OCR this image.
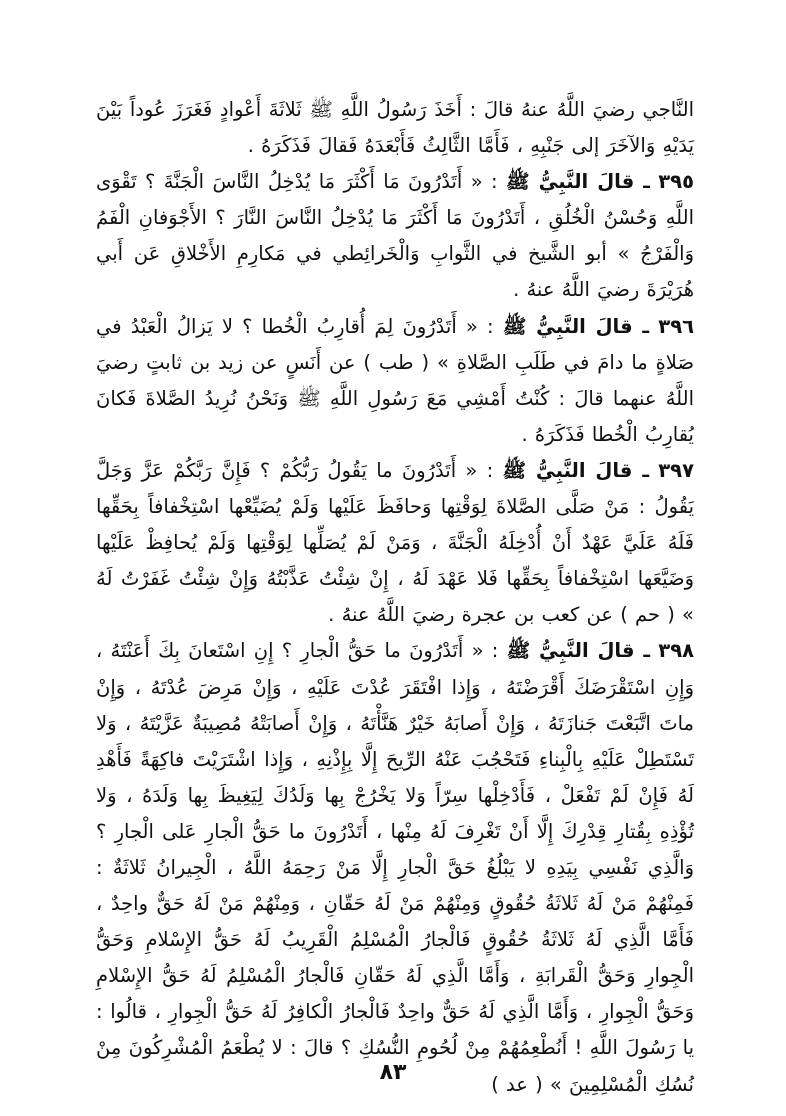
النَّاجي رضيَ اللَّهُ عنهُ قالَ : أَخَذَ رَسُولُ اللَّهِ ﷺ ثَلاثَةَ أَعْوادٍ فَغَرَزَ عُوداً بَيْنَ يَدَيْهِ وَالآخَرَ إلى جَنْبِهِ ، فَأَمَّا الثَّالِثُ فَأَبْعَدَهُ فَقالَ فَذَكَرَهُ .

٣٩٥ ـ قالَ النَّبِيُّ ﷺ : « أَتَدْرُونَ مَا أَكْثَرَ مَا يُدْخِلُ النَّاسَ الْجَنَّةَ ؟ تَقْوَى اللَّهِ وَحُسْنُ الْخُلُقِ ، أَتَدْرُونَ مَا أَكْثَرَ مَا يُدْخِلُ النَّاسَ النَّارَ ؟ الأَجْوَفانِ الْفَمُ وَالْفَرْجُ » أبو الشَّيخ في الثَّوابِ وَالْخَرائِطي في مَكارِمِ الأَخْلاقِ عَن أَبي هُرَيْرَةَ رضيَ اللَّهُ عنهُ .

٣٩٦ ـ قالَ النَّبِيُّ ﷺ : « أَتَدْرُونَ لِمَ أُقارِبُ الْخُطا ؟ لا يَزالُ الْعَبْدُ في صَلاةٍ ما دامَ في طَلَبِ الصَّلاةِ » ( طب ) عن أَنَسٍ عن زيد بن ثابتٍ رضيَ اللَّهُ عنهما قالَ : كُنْتُ أَمْشِي مَعَ رَسُولِ اللَّهِ ﷺ وَنَحْنُ نُرِيدُ الصَّلاةَ فَكانَ يُقارِبُ الْخُطا فَذَكَرَهُ .

٣٩٧ ـ قالَ النَّبِيُّ ﷺ : « أَتَدْرُونَ ما يَقُولُ رَبُّكُمْ ؟ فَإِنَّ رَبَّكُمْ عَزَّ وَجَلَّ يَقُولُ : مَنْ صَلَّى الصَّلاةَ لِوَقْتِها وَحافَظَ عَلَيْها وَلَمْ يُضَيِّعْها اسْتِخْفافاً بِحَقِّها فَلَهُ عَلَيَّ عَهْدٌ أَنْ أُدْخِلَهُ الْجَنَّةَ ، وَمَنْ لَمْ يُصَلِّها لِوَقْتِها وَلَمْ يُحافِظْ عَلَيْها وَضَيَّعَها اسْتِخْفافاً بِحَقِّها فَلا عَهْدَ لَهُ ، إِنْ شِئْتُ عَذَّبْتُهُ وَإِنْ شِئْتُ غَفَرْتُ لَهُ » ( حم ) عن كعب بن عجرة رضيَ اللَّهُ عنهُ .

٣٩٨ ـ قالَ النَّبِيُّ ﷺ : « أَتَدْرُونَ ما حَقُّ الْجارِ ؟ إِنِ اسْتَعانَ بِكَ أَعَنْتَهُ ، وَإِنِ اسْتَقْرَضَكَ أَقْرَضْتَهُ ، وَإِذا افْتَقَرَ عُدْتَ عَلَيْهِ ، وَإِنْ مَرِضَ عُدْتَهُ ، وَإِنْ ماتَ اتَّبَعْتَ جَنازَتَهُ ، وَإِنْ أَصابَهُ خَيْرٌ هَنَّأْتَهُ ، وَإِنْ أَصابَتْهُ مُصِيبَةٌ عَزَّيْتَهُ ، وَلا تَسْتَطِلْ عَلَيْهِ بِالْبِناءِ فَتَحْجُبَ عَنْهُ الرِّيحَ إِلَّا بِإِذْنِهِ ، وَإِذا اشْتَرَيْتَ فاكِهَةً فَأَهْدِ لَهُ فَإِنْ لَمْ تَفْعَلْ ، فَأَدْخِلْها سِرّاً وَلا يَخْرُجْ بِها وَلَدُكَ لِيَغِيظَ بِها وَلَدَهُ ، وَلا تُؤْذِهِ بِقُتارِ قِدْرِكَ إِلَّا أَنْ تَغْرِفَ لَهُ مِنْها ، أَتَدْرُونَ ما حَقُّ الْجارِ عَلى الْجارِ ؟ وَالَّذِي نَفْسِي بِيَدِهِ لا يَبْلُغُ حَقَّ الْجارِ إِلَّا مَنْ رَحِمَهُ اللَّهُ ، الْجِيرانُ ثَلاثَةٌ : فَمِنْهُمْ مَنْ لَهُ ثَلاثَةُ حُقُوقٍ وَمِنْهُمْ مَنْ لَهُ حَقّانِ ، وَمِنْهُمْ مَنْ لَهُ حَقٌّ واحِدٌ ، فَأَمَّا الَّذِي لَهُ ثَلاثَةُ حُقُوقٍ فَالْجارُ الْمُسْلِمُ الْقَرِيبُ لَهُ حَقُّ الإِسْلامِ وَحَقُّ الْجِوارِ وَحَقُّ الْقَرابَةِ ، وَأَمَّا الَّذِي لَهُ حَقّانِ فَالْجارُ الْمُسْلِمُ لَهُ حَقُّ الإِسْلامِ وَحَقُّ الْجِوارِ ، وَأَمَّا الَّذِي لَهُ حَقٌّ واحِدٌ فَالْجارُ الْكافِرُ لَهُ حَقُّ الْجِوارِ ، قالُوا : يا رَسُولَ اللَّهِ ! أَنُطْعِمُهُمْ مِنْ لُحُومِ النُّسُكِ ؟ قالَ : لا يُطْعَمُ الْمُشْرِكُونَ مِنْ نُسُكِ الْمُسْلِمِينَ » ( عد )

٨٣
